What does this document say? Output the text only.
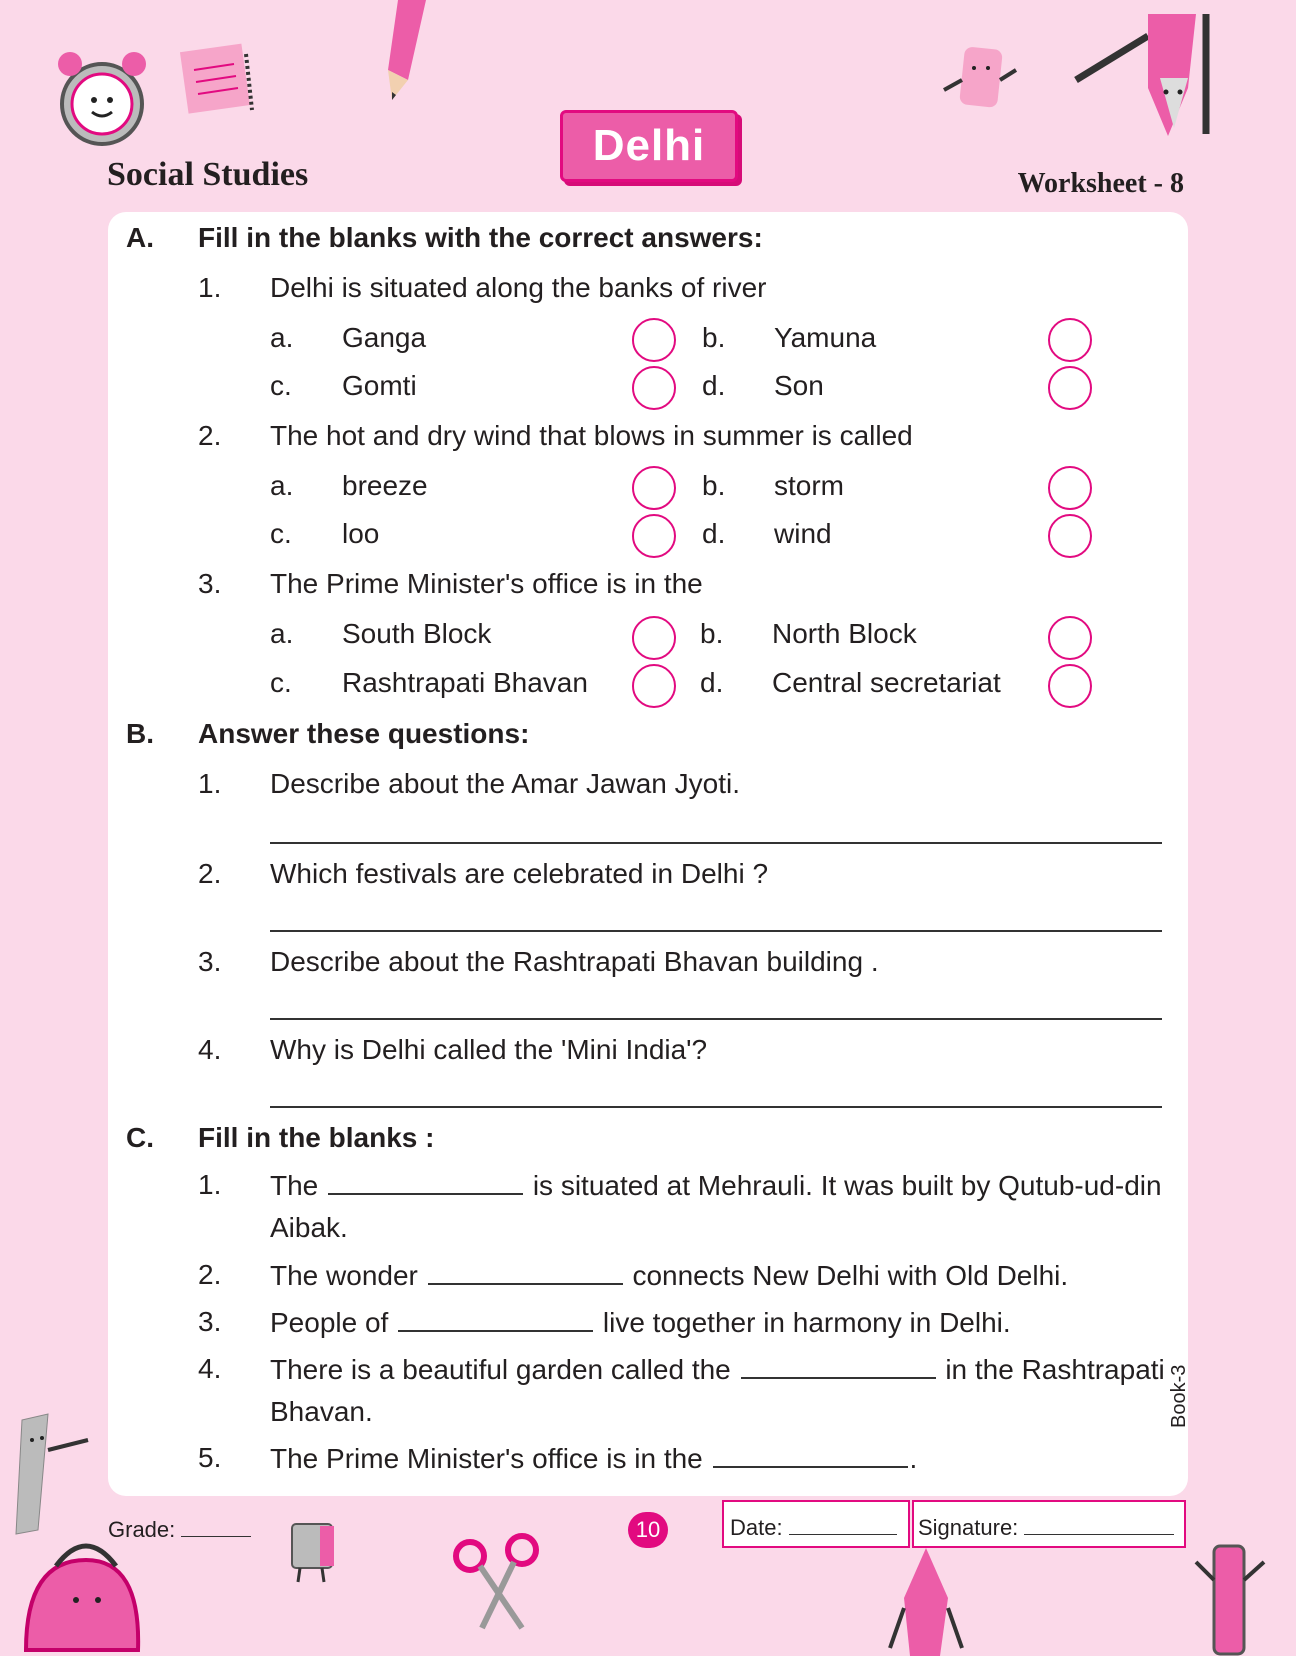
Social Studies
Delhi
Worksheet - 8
A. Fill in the blanks with the correct answers:
1. Delhi is situated along the banks of river
a. Ganga	b. Yamuna
c. Gomti	d. Son
2. The hot and dry wind that blows in summer is called
a. breeze	b. storm
c. loo	d. wind
3. The Prime Minister's office is in the
a. South Block	b. North Block
c. Rashtrapati Bhavan	d. Central secretariat
B. Answer these questions:
1. Describe about the Amar Jawan Jyoti.
2. Which festivals are celebrated in Delhi ?
3. Describe about the Rashtrapati Bhavan building .
4. Why is Delhi called the 'Mini India'?
C. Fill in the blanks :
1. The	is situated at Mehrauli. It was built by Qutub-ud-din
Aibak.
2. The wonder	connects New Delhi with Old Delhi.
3. People of	live together in harmony in Delhi.
4. There is a beautiful garden called the	in the Rashtrapati
Bhavan.
5. The Prime Minister's office is in the	.
Book-3
Grade:	10	Date:	Signature:
